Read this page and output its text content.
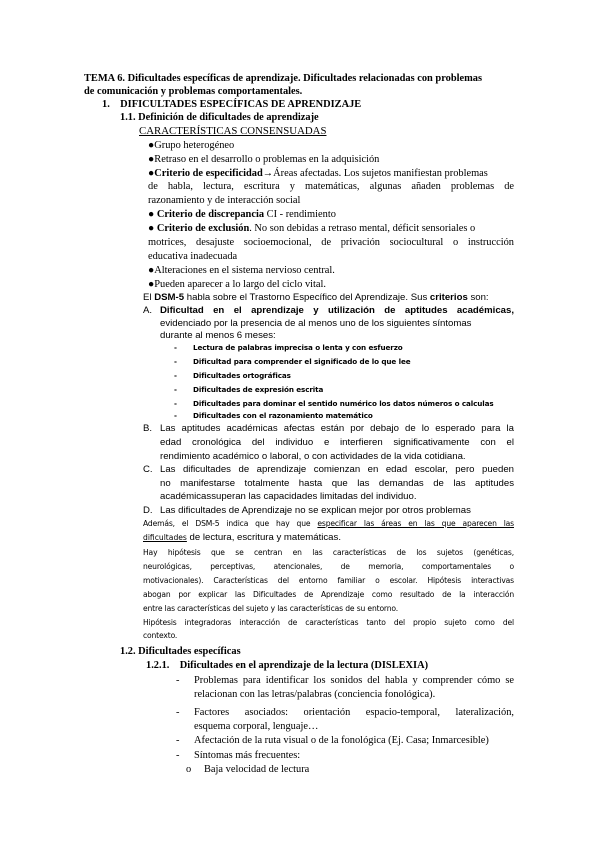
TEMA 6. Dificultades específicas de aprendizaje. Dificultades relacionadas con problemas
de comunicación y problemas comportamentales.
1.    DIFICULTADES ESPECÍFICAS DE APRENDIZAJE
1.1. Definición de dificultades de aprendizaje
CARACTERÍSTICAS CONSENSUADAS
●Grupo heterogéneo
●Retraso en el desarrollo o problemas en la adquisición
●Criterio de especificidad→Áreas afectadas. Los sujetos manifiestan problemas
de habla, lectura, escritura y matemáticas, algunas añaden problemas de
razonamiento y de interacción social
● Criterio de discrepancia CI - rendimiento
● Criterio de exclusión. No son debidas a retraso mental, déficit sensoriales o
motrices, desajuste socioemocional, de privación sociocultural o instrucción
educativa inadecuada
●Alteraciones en el sistema nervioso central.
●Pueden aparecer a lo largo del ciclo vital.
El DSM-5 habla sobre el Trastorno Específico del Aprendizaje. Sus criterios son:
A. Dificultad en el aprendizaje y utilización de aptitudes académicas,
evidenciado por la presencia de al menos uno de los siguientes síntomas
durante al menos 6 meses:
- Lectura de palabras imprecisa o lenta y con esfuerzo
- Dificultad para comprender el significado de lo que lee
- Dificultades ortográficas
- Dificultades de expresión escrita
- Dificultades para dominar el sentido numérico los datos números o calculas
- Dificultades con el razonamiento matemático
B. Las aptitudes académicas afectas están por debajo de lo esperado para la
edad cronológica del individuo e interfieren significativamente con el
rendimiento académico o laboral, o con actividades de la vida cotidiana.
C. Las dificultades de aprendizaje comienzan en edad escolar, pero pueden
no manifestarse totalmente hasta que las demandas de las aptitudes
académicassuperan las capacidades limitadas del individuo.
D. Las dificultades de Aprendizaje no se explican mejor por otros problemas
Además, el DSM-5 indica que hay que especificar las áreas en las que aparecen las
dificultades de lectura, escritura y matemáticas.
Hay hipótesis que se centran en las características de los sujetos (genéticas,
neurológicas, perceptivas, atencionales, de memoria, comportamentales o
motivacionales). Características del entorno familiar o escolar. Hipótesis interactivas
abogan por explicar las Dificultades de Aprendizaje como resultado de la interacción
entre las características del sujeto y las características de su entorno.
Hipótesis integradoras interacción de características tanto del propio sujeto como del
contexto.
1.2. Dificultades específicas
1.2.1.    Dificultades en el aprendizaje de la lectura (DISLEXIA)
- Problemas para identificar los sonidos del habla y comprender cómo se
relacionan con las letras/palabras (conciencia fonológica).
- Factores asociados: orientación espacio-temporal, lateralización,
esquema corporal, lenguaje…
- Afectación de la ruta visual o de la fonológica (Ej. Casa; Inmarcesible)
- Síntomas más frecuentes:
o Baja velocidad de lectura
